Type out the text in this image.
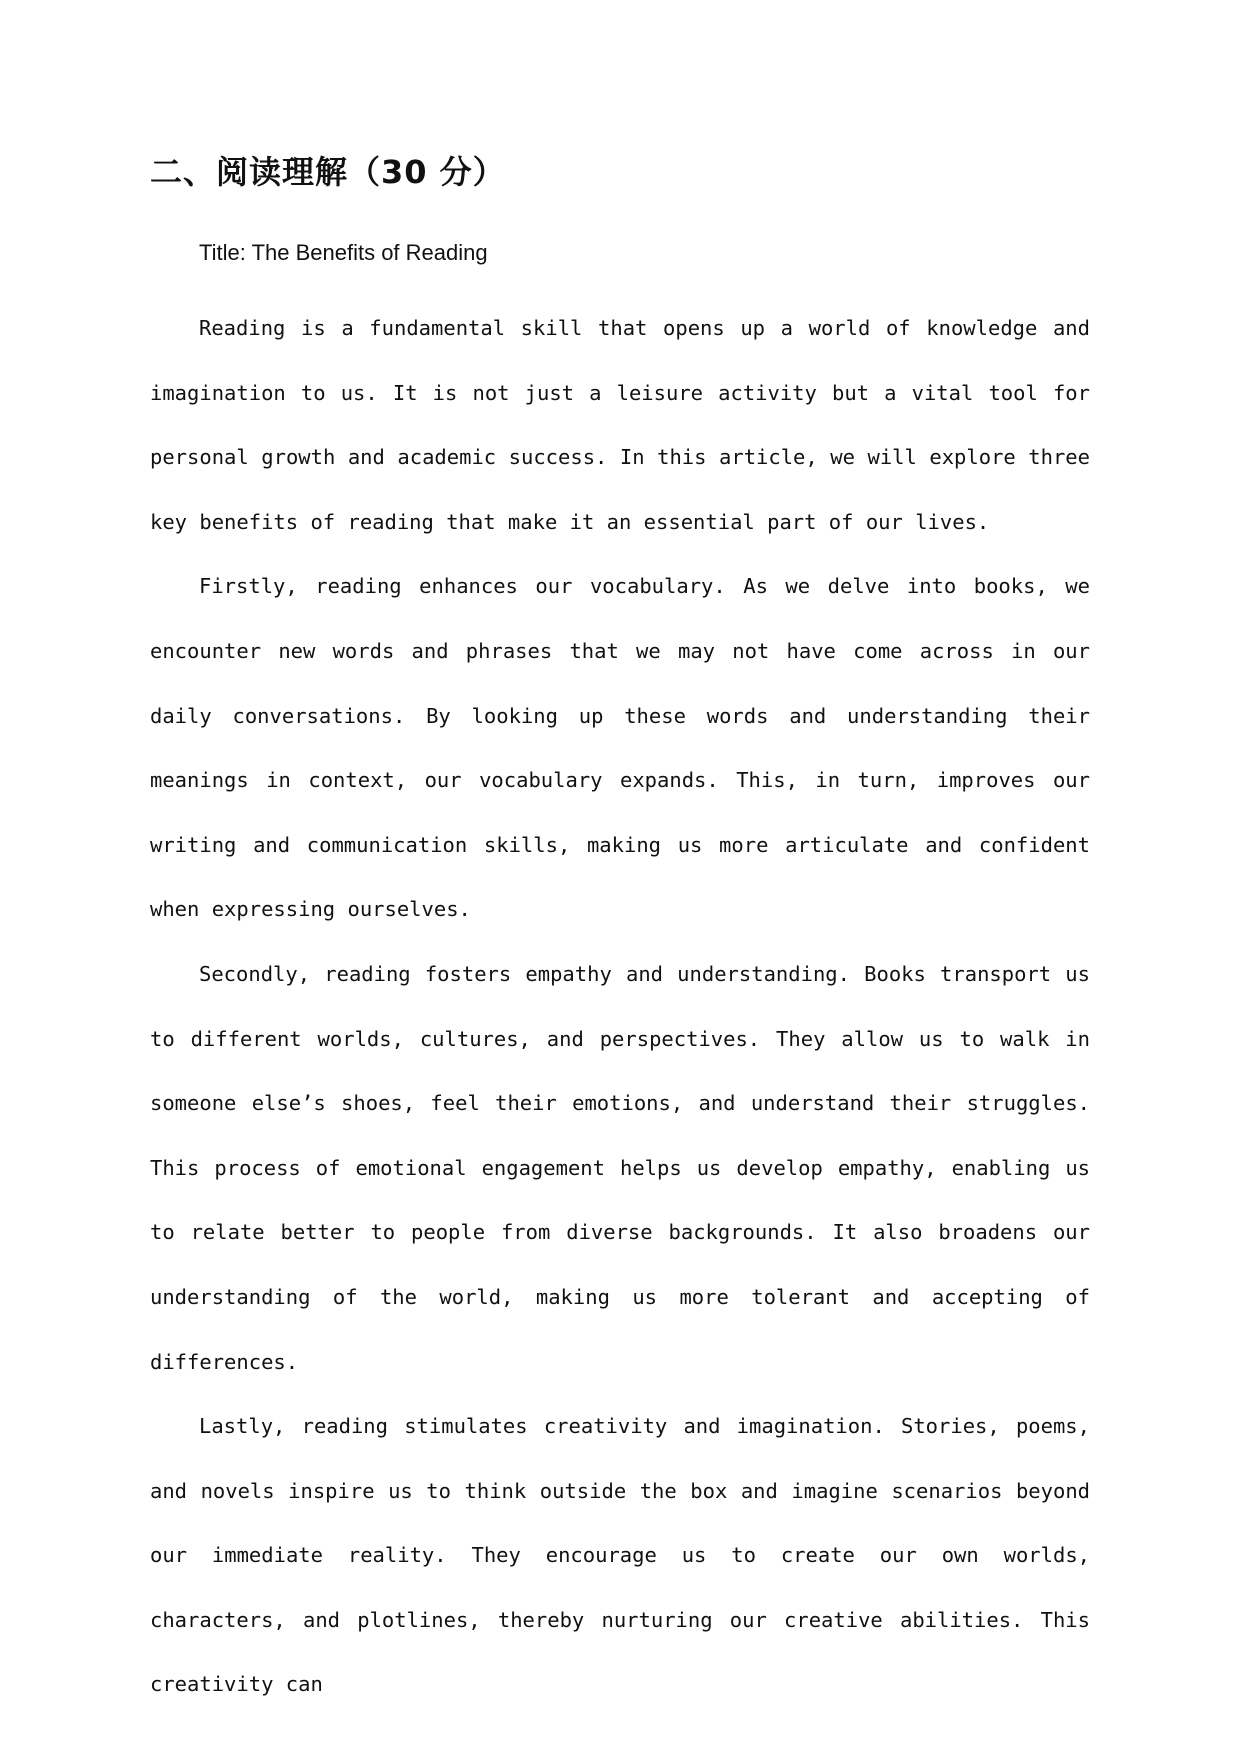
二、阅读理解（30 分）

Title: The Benefits of Reading

Reading is a fundamental skill that opens up a world of knowledge and imagination to us. It is not just a leisure activity but a vital tool for personal growth and academic success. In this article, we will explore three key benefits of reading that make it an essential part of our lives.

Firstly, reading enhances our vocabulary. As we delve into books, we encounter new words and phrases that we may not have come across in our daily conversations. By looking up these words and understanding their meanings in context, our vocabulary expands. This, in turn, improves our writing and communication skills, making us more articulate and confident when expressing ourselves.

Secondly, reading fosters empathy and understanding. Books transport us to different worlds, cultures, and perspectives. They allow us to walk in someone else’s shoes, feel their emotions, and understand their struggles. This process of emotional engagement helps us develop empathy, enabling us to relate better to people from diverse backgrounds. It also broadens our understanding of the world, making us more tolerant and accepting of differences.

Lastly, reading stimulates creativity and imagination. Stories, poems, and novels inspire us to think outside the box and imagine scenarios beyond our immediate reality. They encourage us to create our own worlds, characters, and plotlines, thereby nurturing our creative abilities. This creativity can
